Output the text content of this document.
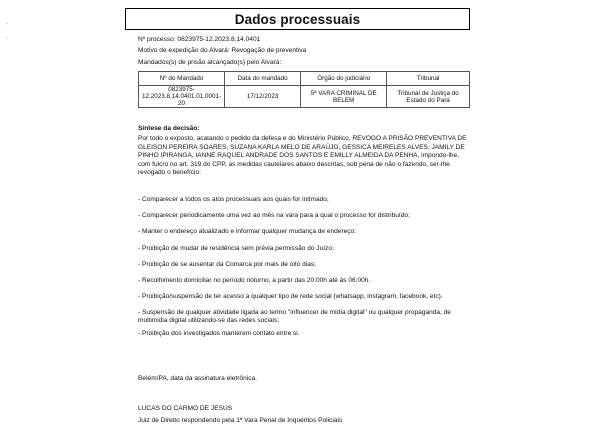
-
,
Dados processuais
Nº processo: 0823975-12.2023.8.14.0401
Motivo de expedição do Alvará: Revogação de preventiva
Mandados(s) de prisão alcançado(s) pelo Alvará:
Nº do Mandado	Data do mandado	Órgão do judiciário	Tribunal
0823975-12.2023.8.14.0401.01.0001-20	17/12/2023	5ª VARA CRIMINAL DE BELEM	Tribunal de Justiça do Estado do Pará
Síntese da decisão:

Por todo o exposto, acatando o pedido da defesa e do Ministério Público, REVOGO A PRISÃO PREVENTIVA DE GLEISON PEREIRA SOARES, SUZANA KARLA MELO DE ARAÚJO, GESSICA MEIRELES ALVES, JAMILY DE PINHO IPIRANGA, IANNE RAQUEL ANDRADE DOS SANTOS E EMILLY ALMEIDA DA PENHA, impondo-lhe, com fulcro no art. 319 do CPP, as medidas cautelares abaixo descritas, sob pena de não o fazendo, ser-lhe revogado o benefício:

- Comparecer a todos os atos processuais aos quais for intimado,

- Comparecer periodicamente uma vez ao mês na vara para a qual o processo for distribuído;

- Manter o endereço atualizado e informar qualquer mudança de endereço;

- Proibição de mudar de residência sem prévia permissão do Juízo;

- Proibição de se ausentar da Comarca por mais de oito dias;

- Recolhimento domiciliar no período noturno, a partir das 20:00h até às 06:00h.

- Proibição/suspensão de ter acesso a qualquer tipo de rede social (whatsapp, instagram, facebook, etc).

- Suspensão de qualquer atividade ligada ao termo "influencer de mídia digital" ou qualquer propaganda, de multimidia digital utilizando-se das redes sociais;

- Proibição dos investigados manterem contato entre si.

Belém/PA, data da assinatura eletrônica.
LUCAS DO CARMO DE JESUS
Juiz de Direito respondendo pela 1ª Vara Penal de Inquéritos Policiais
